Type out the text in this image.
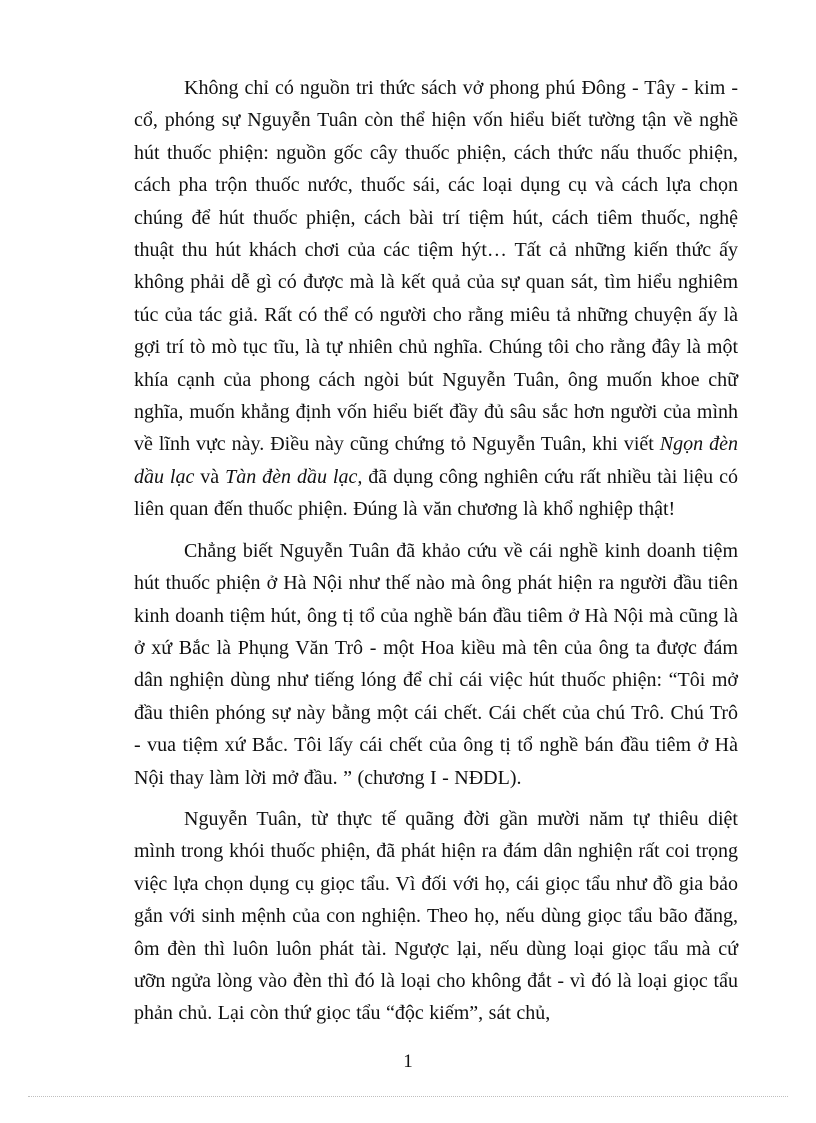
Không chỉ có nguồn tri thức sách vở phong phú Đông - Tây - kim - cổ, phóng sự Nguyễn Tuân còn thể hiện vốn hiểu biết tường tận về nghề hút thuốc phiện: nguồn gốc cây thuốc phiện, cách thức nấu thuốc phiện, cách pha trộn thuốc nước, thuốc sái, các loại dụng cụ và cách lựa chọn chúng để hút thuốc phiện, cách bài trí tiệm hút, cách tiêm thuốc, nghệ thuật thu hút khách chơi của các tiệm hýt… Tất cả những kiến thức ấy không phải dễ gì có được mà là kết quả của sự quan sát, tìm hiểu nghiêm túc của tác giả. Rất có thể có người cho rằng miêu tả những chuyện ấy là gợi trí tò mò tục tĩu, là tự nhiên chủ nghĩa. Chúng tôi cho rằng đây là một khía cạnh của phong cách ngòi bút Nguyễn Tuân, ông muốn khoe chữ nghĩa, muốn khẳng định vốn hiểu biết đầy đủ sâu sắc hơn người của mình về lĩnh vực này. Điều này cũng chứng tỏ Nguyễn Tuân, khi viết Ngọn đèn dầu lạc và Tàn đèn dầu lạc, đã dụng công nghiên cứu rất nhiều tài liệu có liên quan đến thuốc phiện. Đúng là văn chương là khổ nghiệp thật!

Chẳng biết Nguyễn Tuân đã khảo cứu về cái nghề kinh doanh tiệm hút thuốc phiện ở Hà Nội như thế nào mà ông phát hiện ra người đầu tiên kinh doanh tiệm hút, ông tị tổ của nghề bán đầu tiêm ở Hà Nội mà cũng là ở xứ Bắc là Phụng Văn Trô - một Hoa kiều mà tên của ông ta được đám dân nghiện dùng như tiếng lóng để chỉ cái việc hút thuốc phiện: “Tôi mở đầu thiên phóng sự này bằng một cái chết. Cái chết của chú Trô. Chú Trô - vua tiệm xứ Bắc. Tôi lấy cái chết của ông tị tổ nghề bán đầu tiêm ở Hà Nội thay làm lời mở đầu. ” (chương I - NĐDL).

Nguyễn Tuân, từ thực tế quãng đời gần mười năm tự thiêu diệt mình trong khói thuốc phiện, đã phát hiện ra đám dân nghiện rất coi trọng việc lựa chọn dụng cụ giọc tẩu. Vì đối với họ, cái giọc tẩu như đồ gia bảo gắn với sinh mệnh của con nghiện. Theo họ, nếu dùng giọc tẩu bão đăng, ôm đèn thì luôn luôn phát tài. Ngược lại, nếu dùng loại giọc tẩu mà cứ ưỡn ngửa lòng vào đèn thì đó là loại cho không đắt - vì đó là loại giọc tẩu phản chủ. Lại còn thứ giọc tẩu “độc kiếm”, sát chủ,

1
